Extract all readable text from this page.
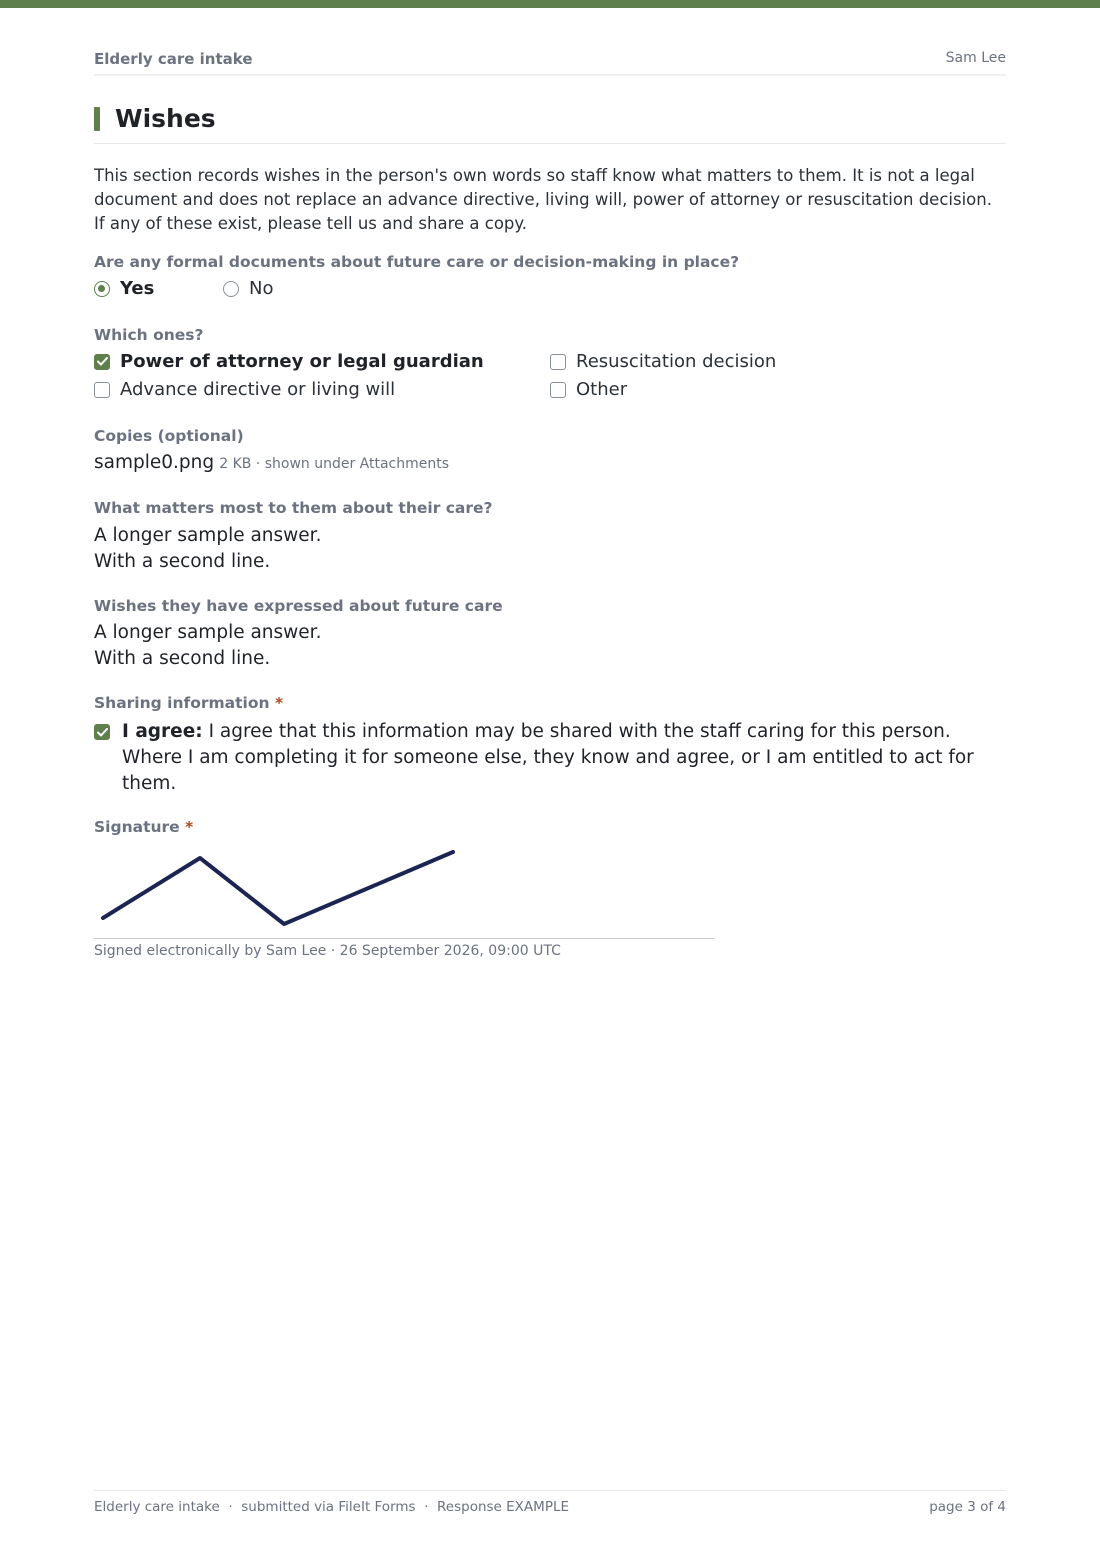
Elderly care intake	Sam Lee
Wishes

This section records wishes in the person's own words so staff know what matters to them. It is not a legal document and does not replace an advance directive, living will, power of attorney or resuscitation decision. If any of these exist, please tell us and share a copy.

Are any formal documents about future care or decision-making in place?
Yes	No
Which ones?
Power of attorney or legal guardian	Resuscitation decision
Advance directive or living will	Other
Copies (optional)
sample0.png 2 KB · shown under Attachments
What matters most to them about their care?
A longer sample answer.
With a second line.
Wishes they have expressed about future care
A longer sample answer.
With a second line.
Sharing information *
I agree: I agree that this information may be shared with the staff caring for this person. Where I am completing it for someone else, they know and agree, or I am entitled to act for them.
Signature *
Signed electronically by Sam Lee · 26 September 2026, 09:00 UTC
Elderly care intake  ·  submitted via FileIt Forms  ·  Response EXAMPLE	page 3 of 4
